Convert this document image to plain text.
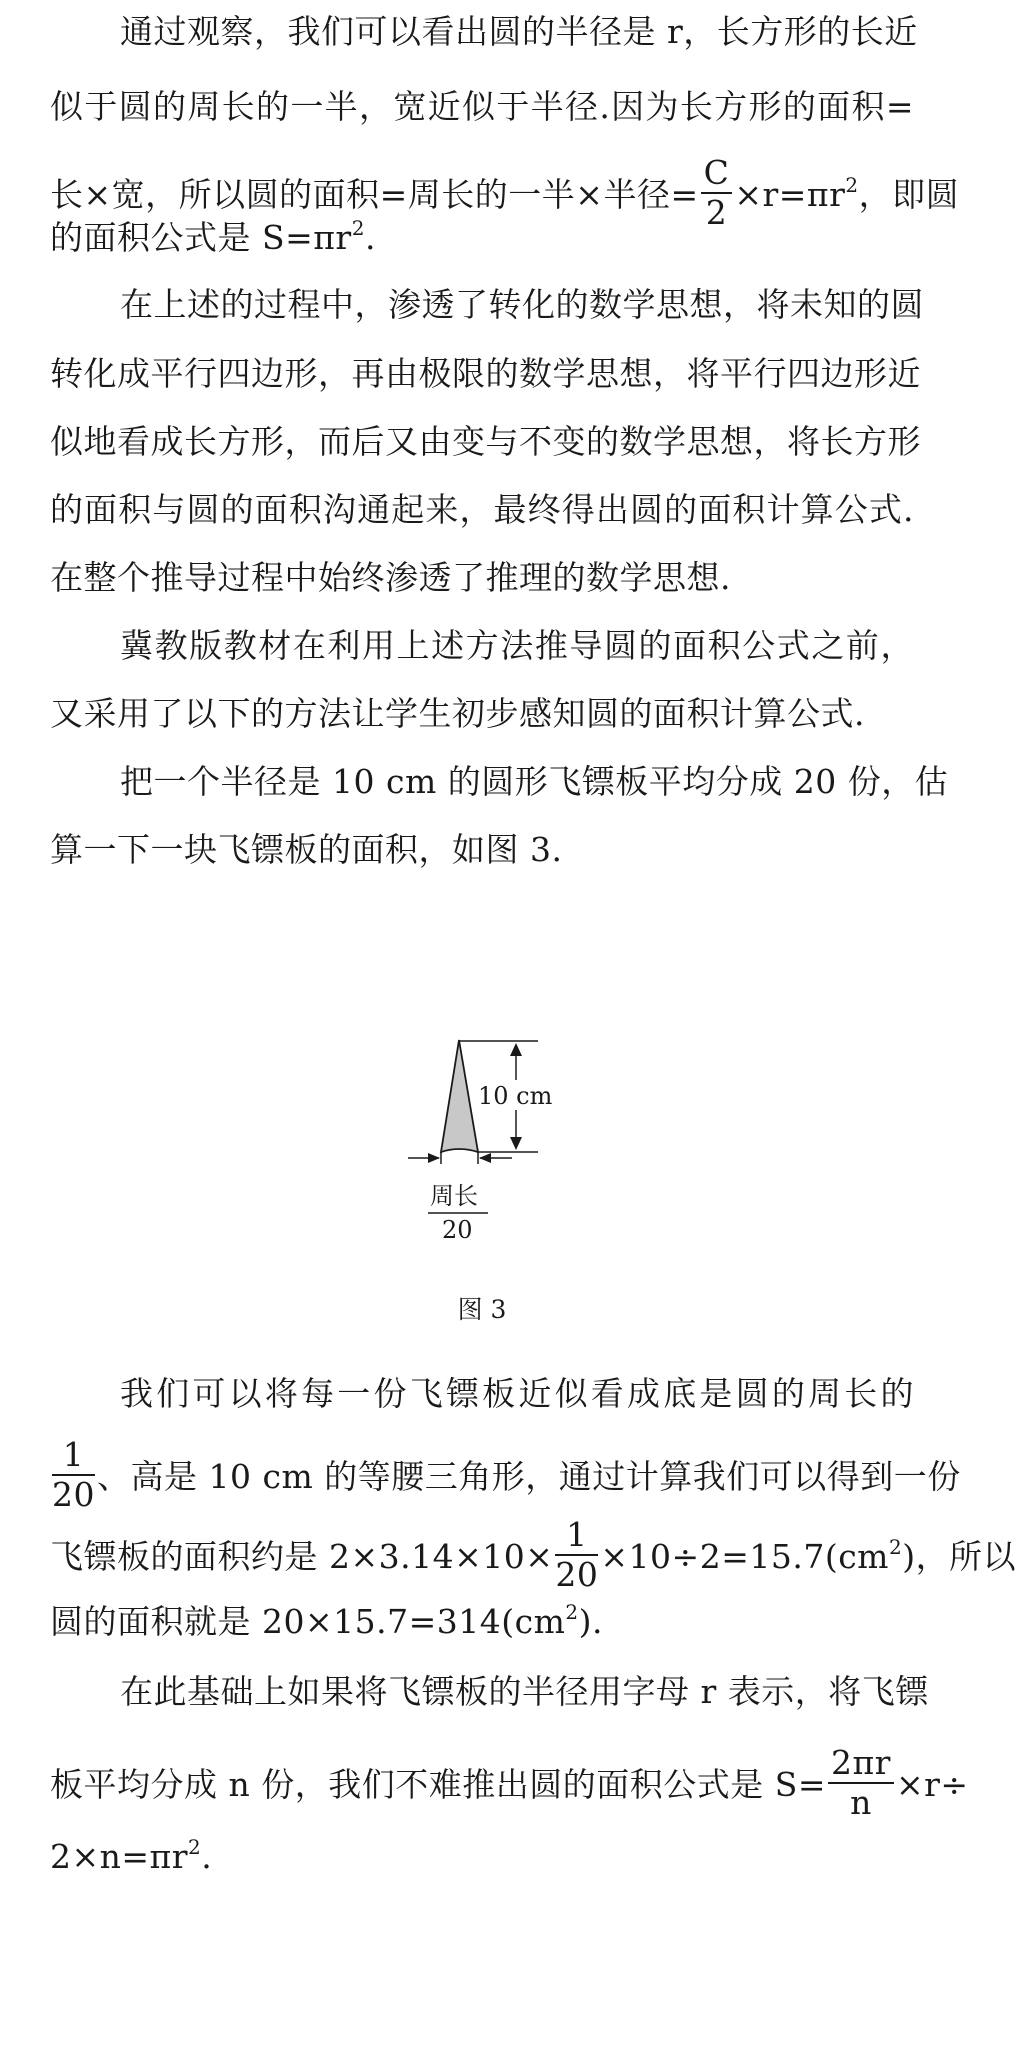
通过观察，我们可以看出圆的半径是 r，长方形的长近
似于圆的周长的一半，宽近似于半径.因为长方形的面积=
长×宽，所以圆的面积=周长的一半×半径= $\frac{C}{2} \times r=\pi r^2$，即圆
的面积公式是 $S=\pi r^2$.
在上述的过程中，渗透了转化的数学思想，将未知的圆
转化成平行四边形，再由极限的数学思想，将平行四边形近
似地看成长方形，而后又由变与不变的数学思想，将长方形
的面积与圆的面积沟通起来，最终得出圆的面积计算公式.
在整个推导过程中始终渗透了推理的数学思想.
冀教版教材在利用上述方法推导圆的面积公式之前，
又采用了以下的方法让学生初步感知圆的面积计算公式.
把一个半径是 10 cm 的圆形飞镖板平均分成 20 份，估
算一下一块飞镖板的面积，如图 3.
10 cm
周长
20
图 3
我们可以将每一份飞镖板近似看成底是圆的周长的
$\frac{1}{20}$ 、高是 10 cm 的等腰三角形，通过计算我们可以得到一份
飞镖板的面积约是 $2\times 3.14\times 10\times \frac{1}{20} \times 10\div 2=15.7(cm^2)$，所以
圆的面积就是 $20\times 15.7=314(cm^2)$.
在此基础上如果将飞镖板的半径用字母 r 表示，将飞镖
板平均分成 n 份，我们不难推出圆的面积公式是 $S= \frac{2\pi r}{n} \times r\div$
$2\times n=\pi r^2$.
